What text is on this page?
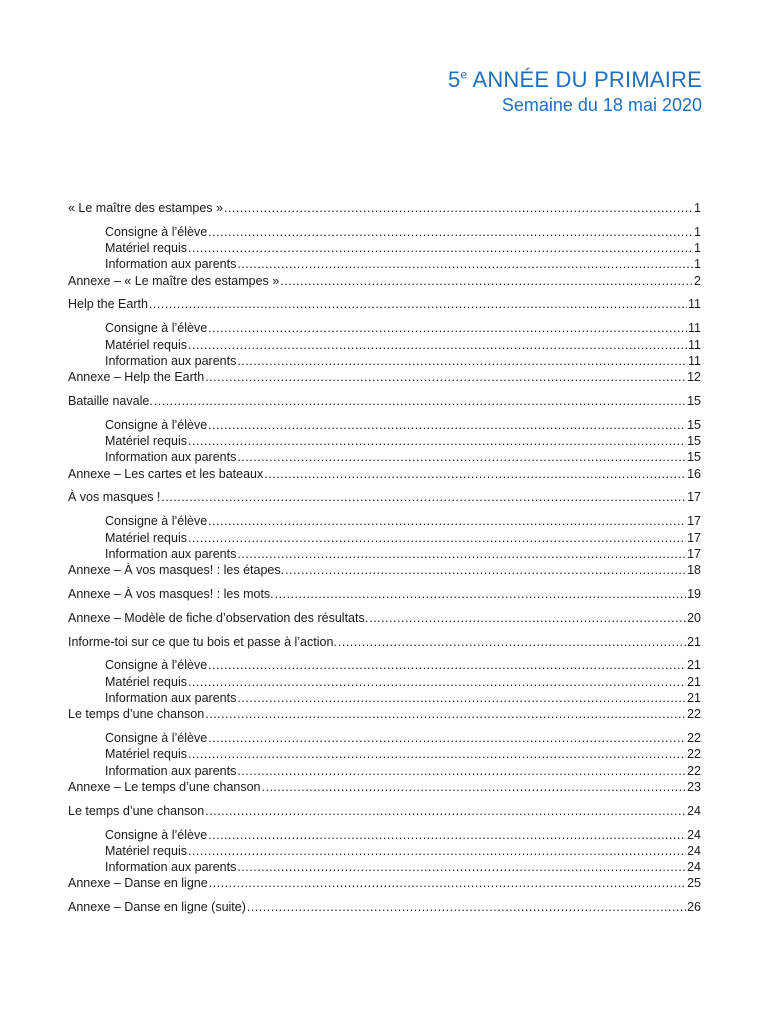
5e ANNÉE DU PRIMAIRE
Semaine du 18 mai 2020
« Le maître des estampes » .....	1
Consigne à l’élève .....	1
Matériel requis .....	1
Information aux parents .....	1
Annexe – « Le maître des estampes » .....	2
Help the Earth .....	11
Consigne à l’élève .....	11
Matériel requis .....	11
Information aux parents .....	11
Annexe – Help the Earth .....	12
Bataille navale. .....	15
Consigne à l’élève .....	15
Matériel requis .....	15
Information aux parents .....	15
Annexe – Les cartes et les bateaux .....	16
À vos masques ! .....	17
Consigne à l’élève .....	17
Matériel requis .....	17
Information aux parents .....	17
Annexe – À vos masques! : les étapes. .....	18
Annexe – À vos masques! : les mots. .....	19
Annexe – Modèle de fiche d’observation des résultats. .....	20
Informe-toi sur ce que tu bois et passe à l’action. .....	21
Consigne à l’élève .....	21
Matériel requis .....	21
Information aux parents .....	21
Le temps d’une chanson .....	22
Consigne à l’élève .....	22
Matériel requis .....	22
Information aux parents .....	22
Annexe – Le temps d’une chanson .....	23
Le temps d’une chanson .....	24
Consigne à l’élève .....	24
Matériel requis .....	24
Information aux parents .....	24
Annexe – Danse en ligne .....	25
Annexe – Danse en ligne (suite) .....	26
